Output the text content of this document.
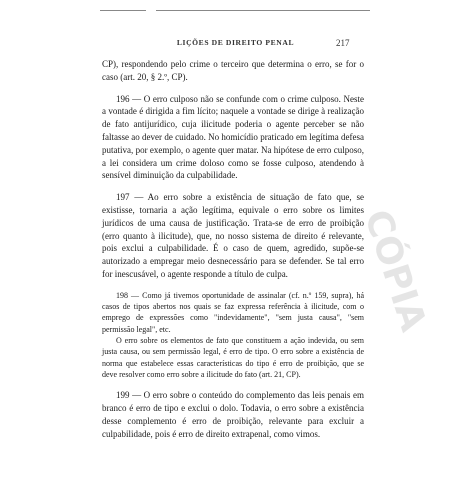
LIÇÕES DE DIREITO PENAL	217

CP), respondendo pelo crime o terceiro que determina o erro, se for o caso (art. 20, § 2.º, CP).

196 — O erro culposo não se confunde com o crime culposo. Neste a vontade é dirigida a fim lícito; naquele a vontade se dirige à realização de fato antijurídico, cuja ilicitude poderia o agente perceber se não faltasse ao dever de cuidado. No homicídio praticado em legítima defesa putativa, por exemplo, o agente quer matar. Na hipótese de erro culposo, a lei considera um crime doloso como se fosse culposo, atendendo à sensível diminuição da culpabilidade.

197 — Ao erro sobre a existência de situação de fato que, se existisse, tornaria a ação legítima, equivale o erro sobre os limites jurídicos de uma causa de justificação. Trata-se de erro de proibição (erro quanto à ilicitude), que, no nosso sistema de direito é relevante, pois exclui a culpabilidade. É o caso de quem, agredido, supõe-se autorizado a empregar meio desnecessário para se defender. Se tal erro for inescusável, o agente responde a título de culpa.

198 — Como já tivemos oportunidade de assinalar (cf. n.º 159, supra), há casos de tipos abertos nos quais se faz expressa referência à ilicitude, com o emprego de expressões como "indevidamente", "sem justa causa", "sem permissão legal", etc.

O erro sobre os elementos de fato que constituem a ação indevida, ou sem justa causa, ou sem permissão legal, é erro de tipo. O erro sobre a existência de norma que estabelece essas características do tipo é erro de proibição, que se deve resolver como erro sobre a ilicitude do fato (art. 21, CP).

199 — O erro sobre o conteúdo do complemento das leis penais em branco é erro de tipo e exclui o dolo. Todavia, o erro sobre a existência desse complemento é erro de proibição, relevante para excluir a culpabilidade, pois é erro de direito extrapenal, como vimos.

CÓPIA
